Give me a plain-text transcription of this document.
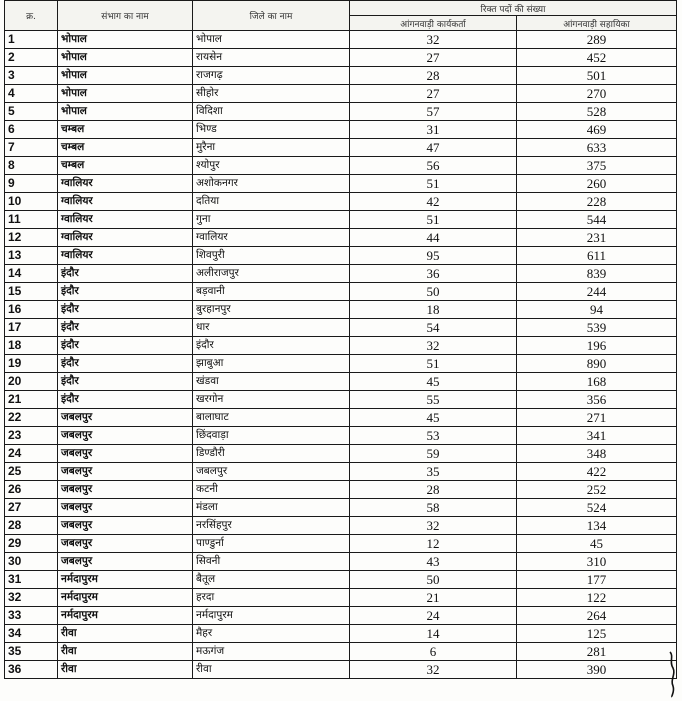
क्र.	संभाग का नाम	जिले का नाम	रिक्त पदों की संख्या	
			आंगनवाड़ी कार्यकर्ता	आंगनवाड़ी सहायिका
1	भोपाल	भोपाल	32	289
2	भोपाल	रायसेन	27	452
3	भोपाल	राजगढ़	28	501
4	भोपाल	सीहोर	27	270
5	भोपाल	विदिशा	57	528
6	चम्बल	भिण्ड	31	469
7	चम्बल	मुरैना	47	633
8	चम्बल	श्योपुर	56	375
9	ग्वालियर	अशोकनगर	51	260
10	ग्वालियर	दतिया	42	228
11	ग्वालियर	गुना	51	544
12	ग्वालियर	ग्वालियर	44	231
13	ग्वालियर	शिवपुरी	95	611
14	इंदौर	अलीराजपुर	36	839
15	इंदौर	बड़वानी	50	244
16	इंदौर	बुरहानपुर	18	94
17	इंदौर	धार	54	539
18	इंदौर	इंदौर	32	196
19	इंदौर	झाबुआ	51	890
20	इंदौर	खंडवा	45	168
21	इंदौर	खरगोन	55	356
22	जबलपुर	बालाघाट	45	271
23	जबलपुर	छिंदवाड़ा	53	341
24	जबलपुर	डिण्डौरी	59	348
25	जबलपुर	जबलपुर	35	422
26	जबलपुर	कटनी	28	252
27	जबलपुर	मंडला	58	524
28	जबलपुर	नरसिंहपुर	32	134
29	जबलपुर	पाण्डुर्ना	12	45
30	जबलपुर	सिवनी	43	310
31	नर्मदापुरम	बैतूल	50	177
32	नर्मदापुरम	हरदा	21	122
33	नर्मदापुरम	नर्मदापुरम	24	264
34	रीवा	मैहर	14	125
35	रीवा	मऊगंज	6	281
36	रीवा	रीवा	32	390
